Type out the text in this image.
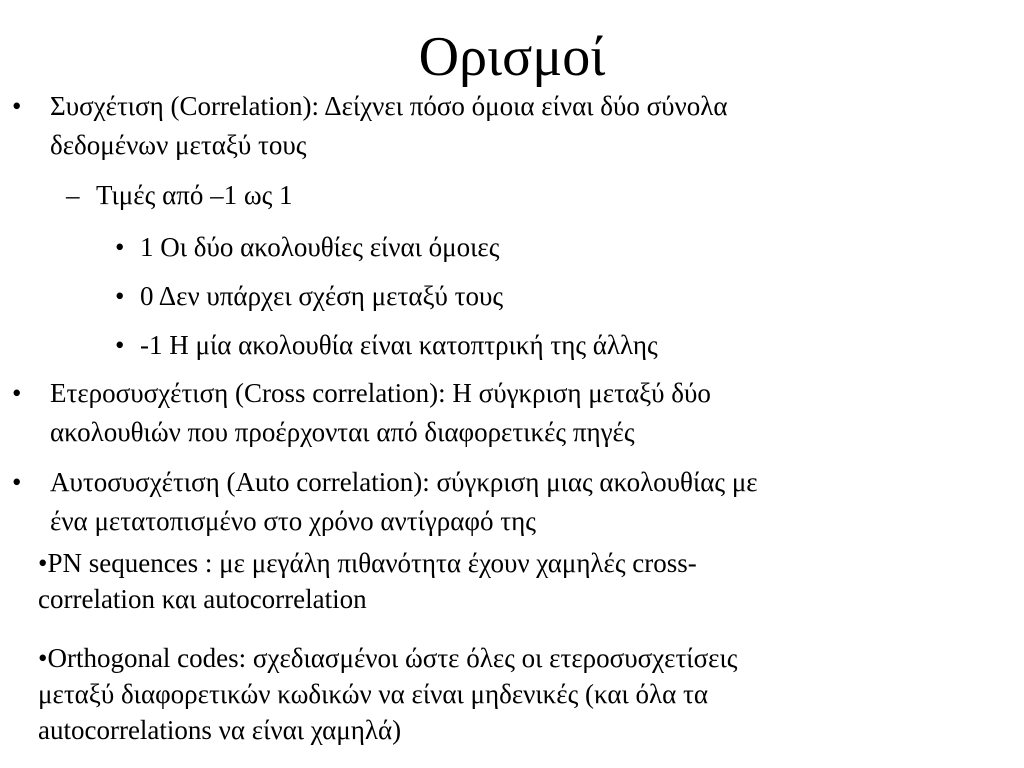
Ορισμοί
• Συσχέτιση (Correlation): Δείχνει πόσο όμοια είναι δύο σύνολα
δεδομένων μεταξύ τους
– Τιμές από –1 ως 1
• 1 Οι δύο ακολουθίες είναι όμοιες
• 0 Δεν υπάρχει σχέση μεταξύ τους
• -1 Η μία ακολουθία είναι κατοπτρική της άλλης
• Ετεροσυσχέτιση (Cross correlation): Η σύγκριση μεταξύ δύο
ακολουθιών που προέρχονται από διαφορετικές πηγές
• Αυτοσυσχέτιση (Auto correlation): σύγκριση μιας ακολουθίας με
ένα μετατοπισμένο στο χρόνο αντίγραφό της
•PN sequences : με μεγάλη πιθανότητα έχουν χαμηλές cross-
correlation και autocorrelation
•Orthogonal codes: σχεδιασμένοι ώστε όλες οι ετεροσυσχετίσεις
μεταξύ διαφορετικών κωδικών να είναι μηδενικές (και όλα τα
autocorrelations να είναι χαμηλά)
